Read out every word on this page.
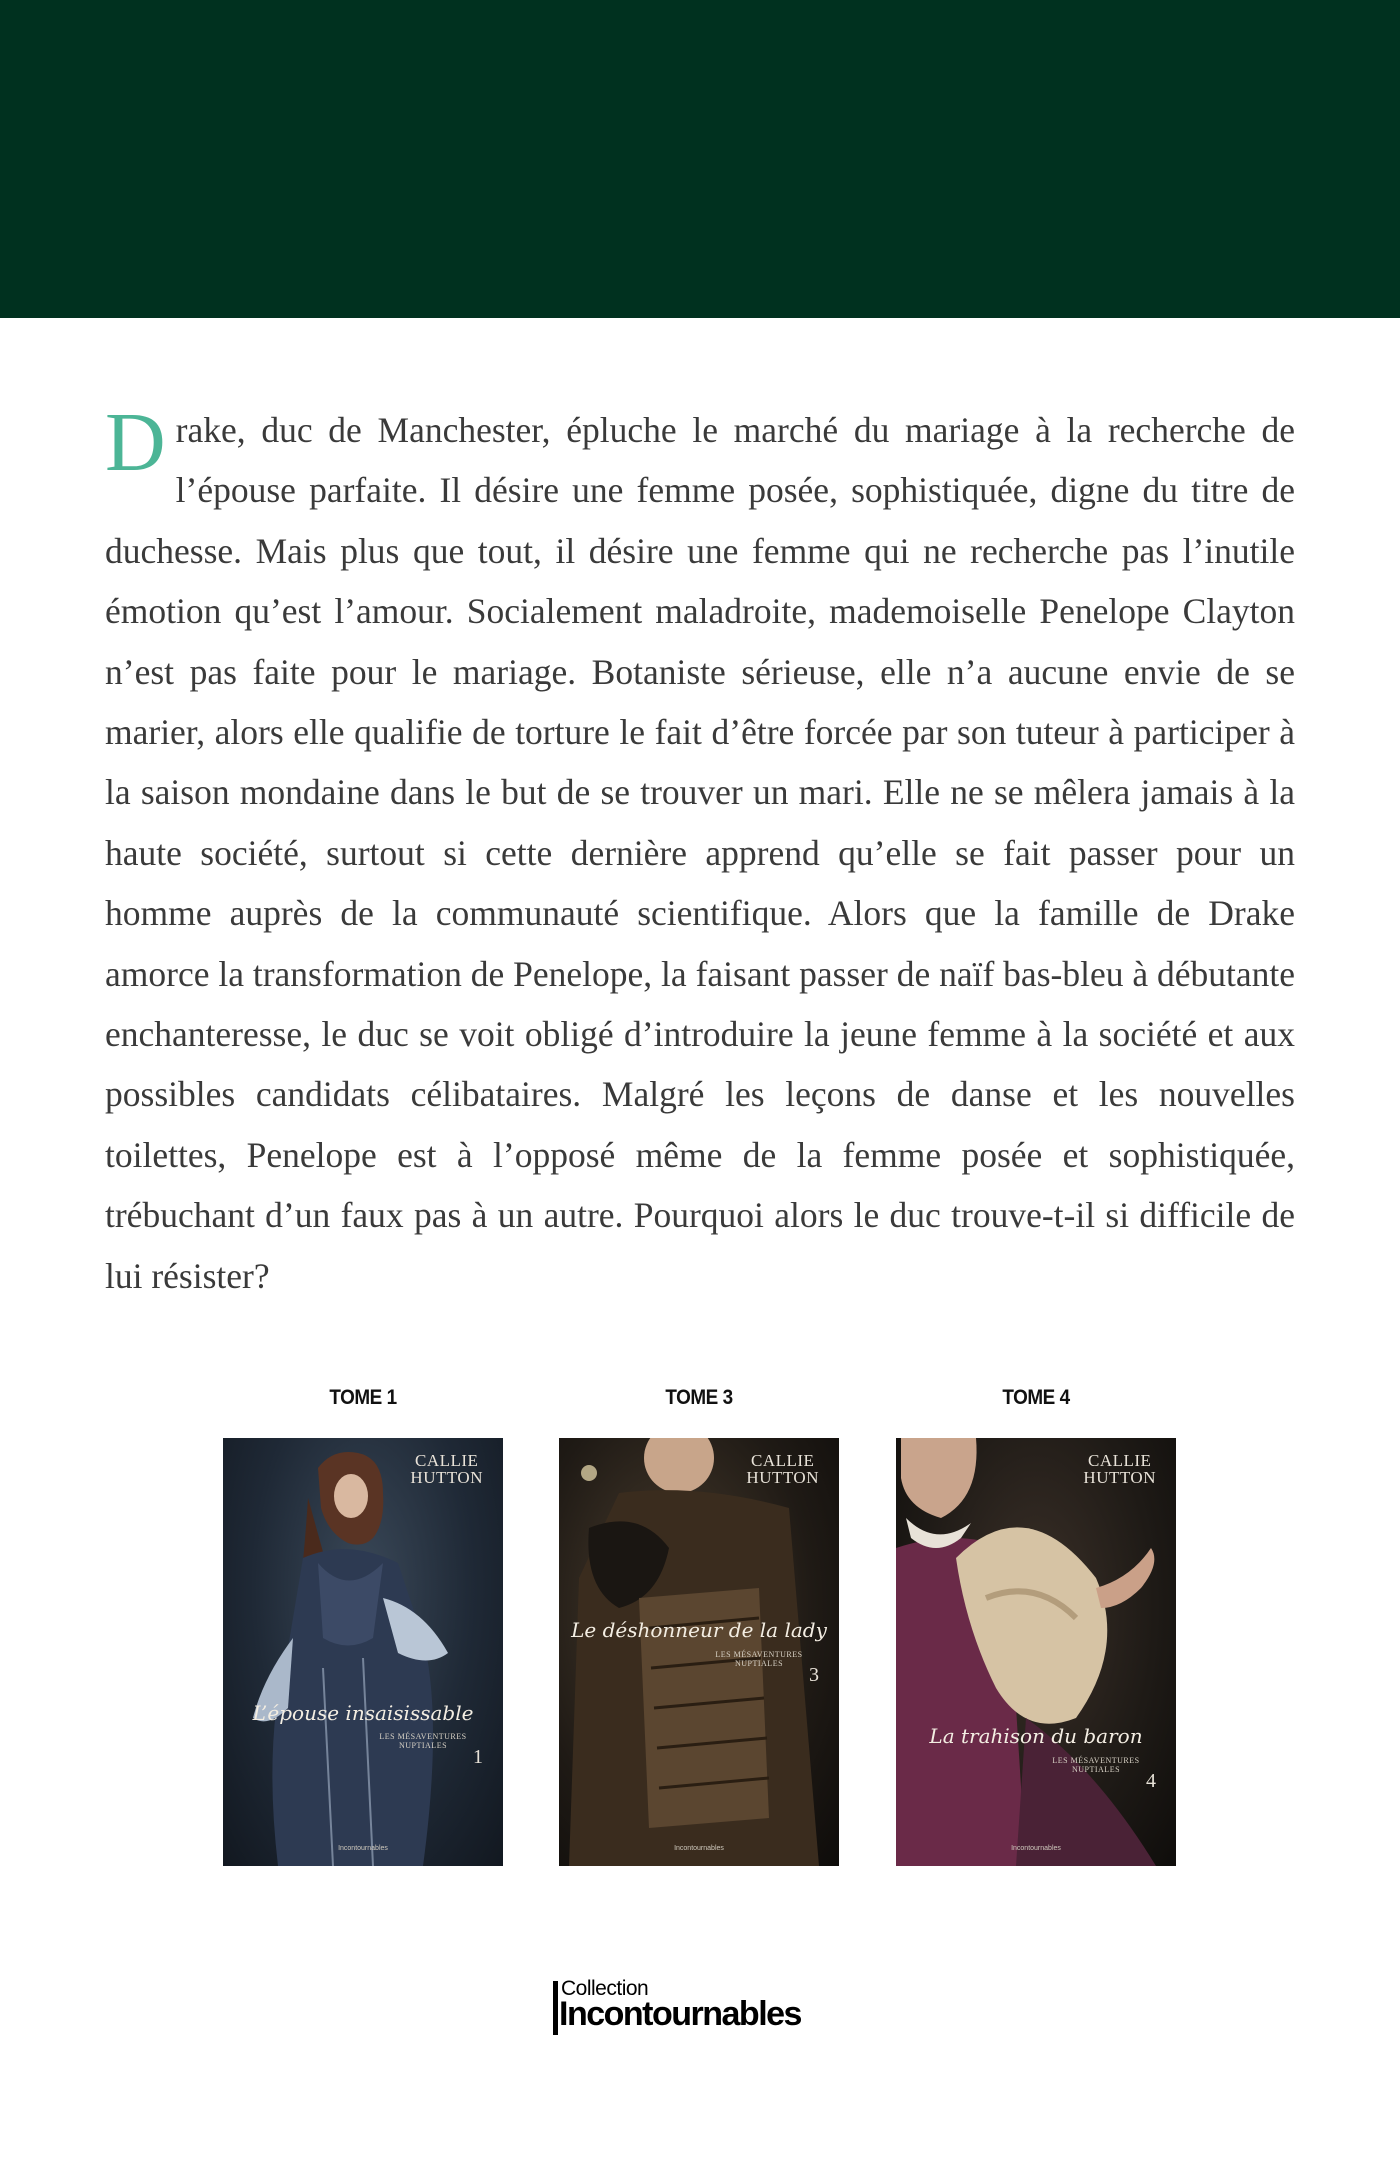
Drake, duc de Manchester, épluche le marché du mariage à la recherche de l’épouse parfaite. Il désire une femme posée, sophistiquée, digne du titre de duchesse. Mais plus que tout, il désire une femme qui ne recherche pas l’inutile émotion qu’est l’amour. Socialement maladroite, mademoiselle Penelope Clayton n’est pas faite pour le mariage. Botaniste sérieuse, elle n’a aucune envie de se marier, alors elle qualifie de torture le fait d’être forcée par son tuteur à participer à la saison mondaine dans le but de se trouver un mari. Elle ne se mêlera jamais à la haute société, surtout si cette dernière apprend qu’elle se fait passer pour un homme auprès de la communauté scientifique. Alors que la famille de Drake amorce la transformation de Penelope, la faisant passer de naïf bas-bleu à débutante enchanteresse, le duc se voit obligé d’introduire la jeune femme à la société et aux possibles candidats célibataires. Malgré les leçons de danse et les nouvelles toilettes, Penelope est à l’opposé même de la femme posée et sophistiquée, trébuchant d’un faux pas à un autre. Pourquoi alors le duc trouve-t-il si difficile de lui résister?
TOME 1	TOME 3	TOME 4
CALLIE
HUTTON
L’épouse insaisissable
LES MÉSAVENTURES
NUPTIALES
1
Incontournables
CALLIE
HUTTON
Le déshonneur de la lady
LES MÉSAVENTURES
NUPTIALES
3
Incontournables
CALLIE
HUTTON
La trahison du baron
LES MÉSAVENTURES
NUPTIALES
4
Incontournables
Collection
Incontournables
